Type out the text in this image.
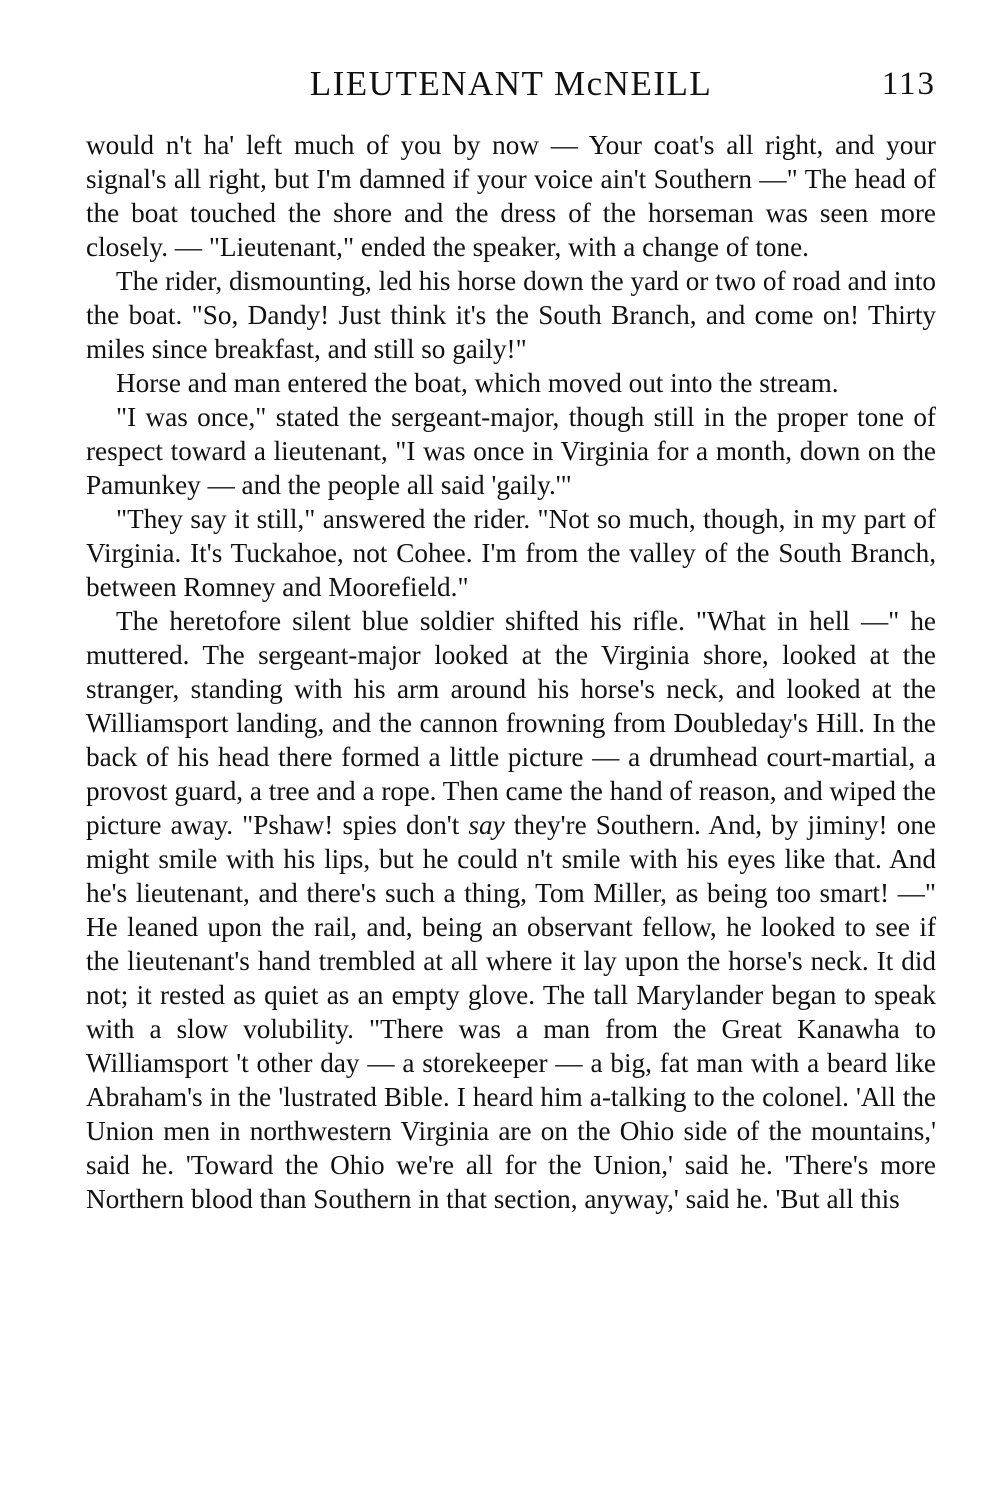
LIEUTENANT McNEILL	113

would n't ha' left much of you by now — Your coat's all right, and your signal's all right, but I'm damned if your voice ain't Southern —" The head of the boat touched the shore and the dress of the horseman was seen more closely. — "Lieutenant," ended the speaker, with a change of tone.

The rider, dismounting, led his horse down the yard or two of road and into the boat. "So, Dandy! Just think it's the South Branch, and come on! Thirty miles since breakfast, and still so gaily!"

Horse and man entered the boat, which moved out into the stream.

"I was once," stated the sergeant-major, though still in the proper tone of respect toward a lieutenant, "I was once in Virginia for a month, down on the Pamunkey — and the people all said 'gaily.'"

"They say it still," answered the rider. "Not so much, though, in my part of Virginia. It's Tuckahoe, not Cohee. I'm from the valley of the South Branch, between Romney and Moorefield."

The heretofore silent blue soldier shifted his rifle. "What in hell —" he muttered. The sergeant-major looked at the Virginia shore, looked at the stranger, standing with his arm around his horse's neck, and looked at the Williamsport landing, and the cannon frowning from Doubleday's Hill. In the back of his head there formed a little picture — a drumhead court-martial, a provost guard, a tree and a rope. Then came the hand of reason, and wiped the picture away. "Pshaw! spies don't say they're Southern. And, by jiminy! one might smile with his lips, but he could n't smile with his eyes like that. And he's lieutenant, and there's such a thing, Tom Miller, as being too smart! —" He leaned upon the rail, and, being an observant fellow, he looked to see if the lieutenant's hand trembled at all where it lay upon the horse's neck. It did not; it rested as quiet as an empty glove. The tall Marylander began to speak with a slow volubility. "There was a man from the Great Kanawha to Williamsport 't other day — a storekeeper — a big, fat man with a beard like Abraham's in the 'lustrated Bible. I heard him a-talking to the colonel. 'All the Union men in northwestern Virginia are on the Ohio side of the mountains,' said he. 'Toward the Ohio we're all for the Union,' said he. 'There's more Northern blood than Southern in that section, anyway,' said he. 'But all this
